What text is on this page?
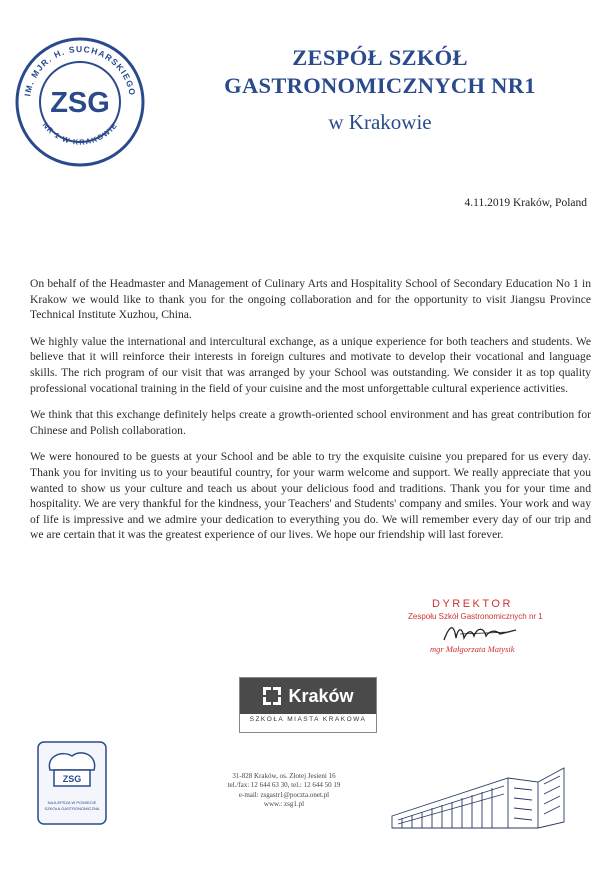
IM. MJR. H. SUCHARSKIEGO
NR 1 W KRAKOWIE
ZSG
ZESPÓŁ SZKÓŁ
GASTRONOMICZNYCH NR1
w Krakowie
4.11.2019 Kraków, Poland

On behalf of the Headmaster and Management of Culinary Arts and Hospitality School of Secondary Education No 1 in Krakow we would like to thank you for the ongoing collaboration and for the opportunity to visit Jiangsu Province Technical Institute Xuzhou, China.

We highly value the international and intercultural exchange, as a unique experience for both teachers and students. We believe that it will reinforce their interests in foreign cultures and motivate to develop their vocational and language skills. The rich program of our visit that was arranged by your School was outstanding. We consider it as top quality professional vocational training in the field of your cuisine and the most unforgettable cultural experience activities.

We think that this exchange definitely helps create a growth-oriented school environment and has great contribution for Chinese and Polish collaboration.

We were honoured to be guests at your School and be able to try the exquisite cuisine you prepared for us every day. Thank you for inviting us to your beautiful country, for your warm welcome and support. We really appreciate that you wanted to show us your culture and teach us about your delicious food and traditions. Thank you for your time and hospitality. We are very thankful for the kindness, your Teachers' and Students' company and smiles. Your work and way of life is impressive and we admire your dedication to everything you do. We will remember every day of our trip and we are certain that it was the greatest experience of our lives. We hope our friendship will last forever.

DYREKTOR
Zespołu Szkół Gastronomicznych nr 1
mgr Małgorzata Matysik
Kraków
SZKOŁA MIASTA KRAKOWA
ZSG
NAJLEPSZA W POWIECIE
SZKOŁA GASTRONOMICZNA
31-828 Kraków, os. Złotej Jesieni 16
tel./fax: 12 644 63 30, tel.: 12 644 50 19
e-mail: zsgastr1@poczta.onet.pl
www.: zsg1.pl
